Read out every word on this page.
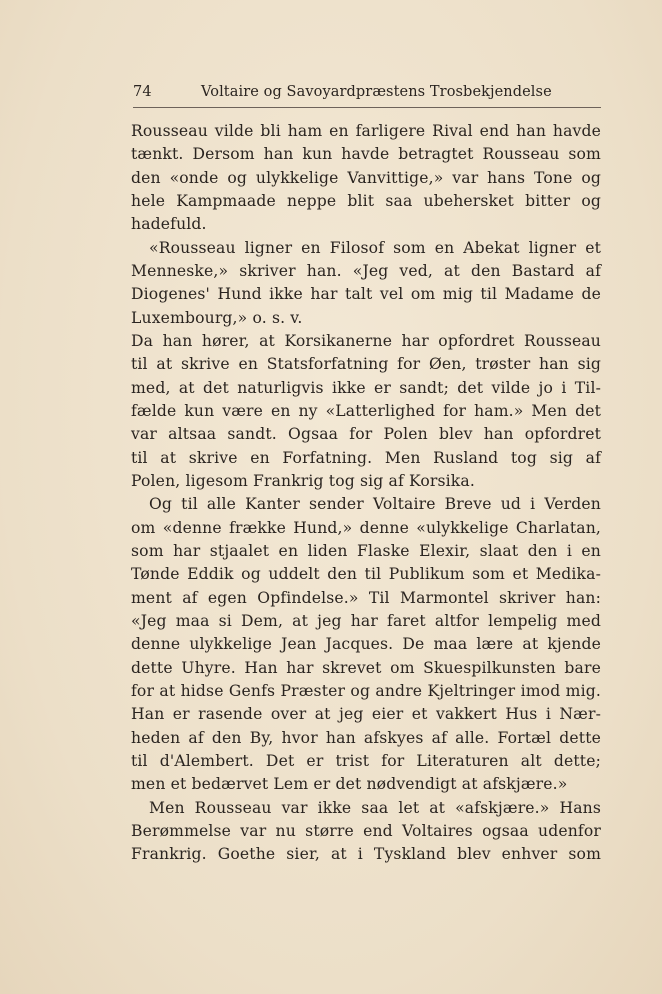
74	Voltaire og Savoyardpræstens Trosbekjendelse
Rousseau vilde bli ham en farligere Rival end han havde
tænkt. Dersom han kun havde betragtet Rousseau som
den «onde og ulykkelige Vanvittige,» var hans Tone og
hele Kampmaade neppe blit saa ubehersket bitter og
hadefuld.
«Rousseau ligner en Filosof som en Abekat ligner et
Menneske,» skriver han. «Jeg ved, at den Bastard af
Diogenes' Hund ikke har talt vel om mig til Madame de
Luxembourg,» o. s. v.
Da han hører, at Korsikanerne har opfordret Rousseau
til at skrive en Statsforfatning for Øen, trøster han sig
med, at det naturligvis ikke er sandt; det vilde jo i Til-
fælde kun være en ny «Latterlighed for ham.» Men det
var altsaa sandt. Ogsaa for Polen blev han opfordret
til at skrive en Forfatning. Men Rusland tog sig af
Polen, ligesom Frankrig tog sig af Korsika.
Og til alle Kanter sender Voltaire Breve ud i Verden
om «denne frække Hund,» denne «ulykkelige Charlatan,
som har stjaalet en liden Flaske Elexir, slaat den i en
Tønde Eddik og uddelt den til Publikum som et Medika-
ment af egen Opfindelse.» Til Marmontel skriver han:
«Jeg maa si Dem, at jeg har faret altfor lempelig med
denne ulykkelige Jean Jacques. De maa lære at kjende
dette Uhyre. Han har skrevet om Skuespilkunsten bare
for at hidse Genfs Præster og andre Kjeltringer imod mig.
Han er rasende over at jeg eier et vakkert Hus i Nær-
heden af den By, hvor han afskyes af alle. Fortæl dette
til d'Alembert. Det er trist for Literaturen alt dette;
men et bedærvet Lem er det nødvendigt at afskjære.»
Men Rousseau var ikke saa let at «afskjære.» Hans
Berømmelse var nu større end Voltaires ogsaa udenfor
Frankrig. Goethe sier, at i Tyskland blev enhver som
